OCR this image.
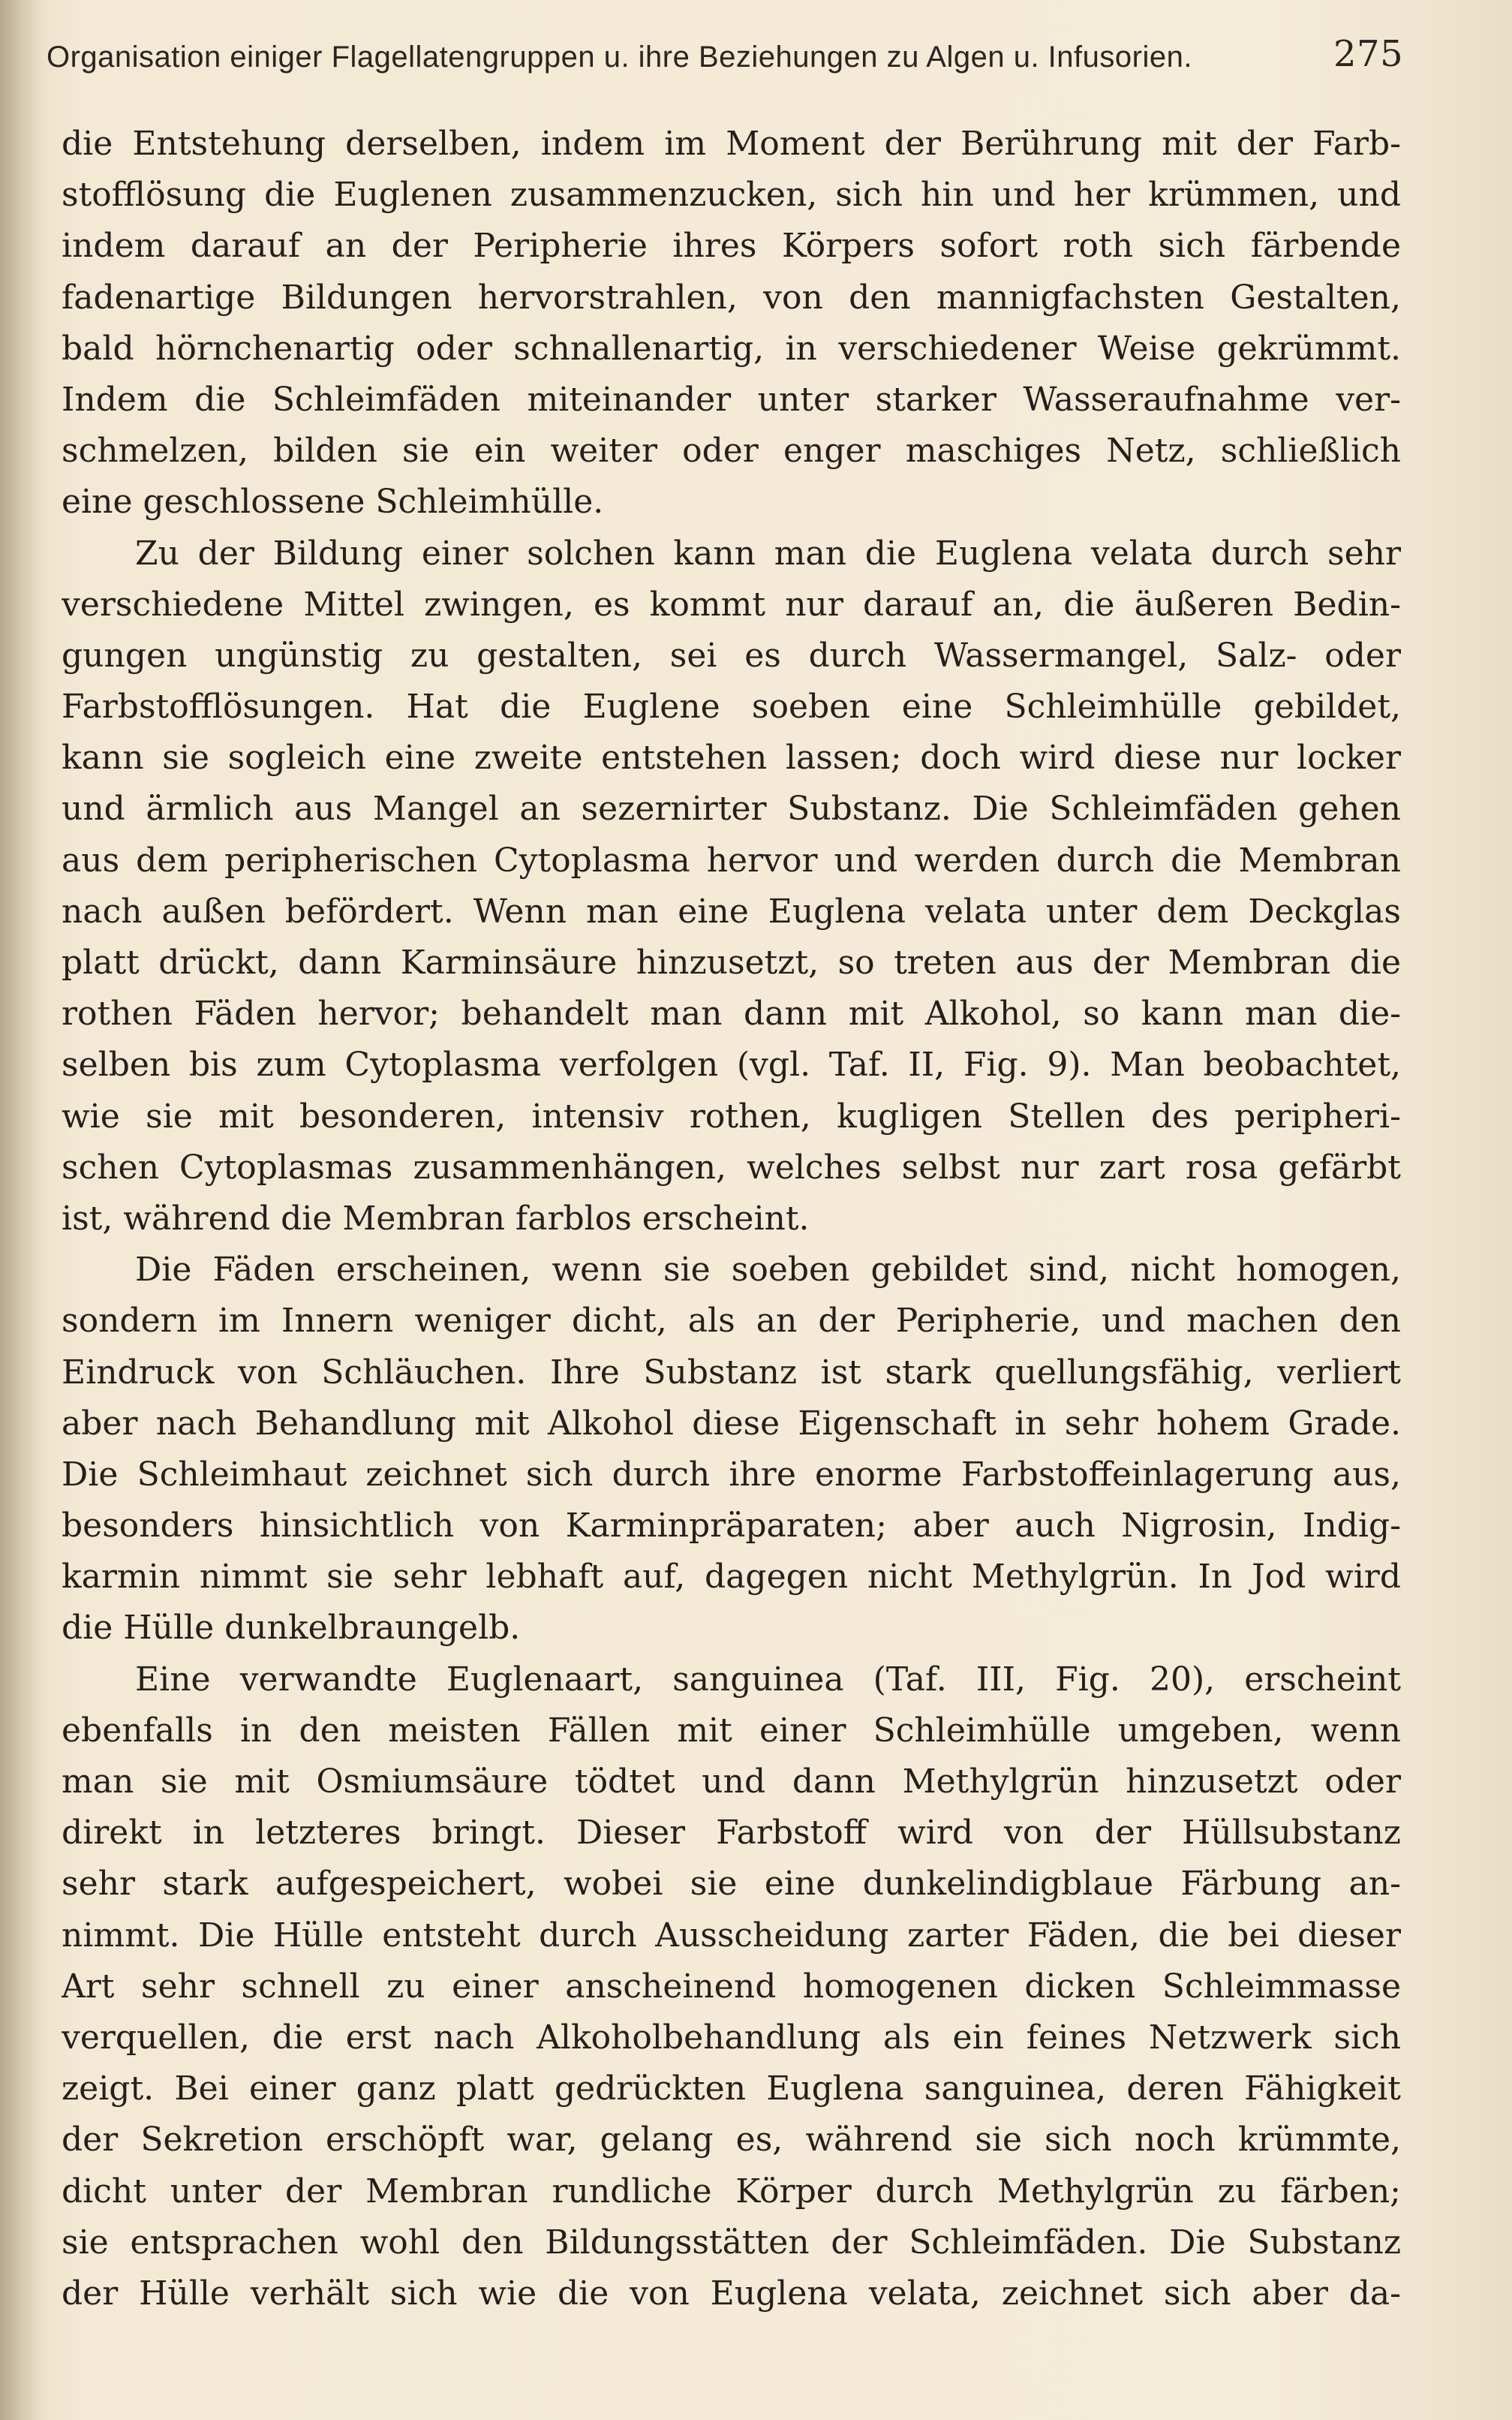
Organisation einiger Flagellatengruppen u. ihre Beziehungen zu Algen u. Infusorien.	275
die Entstehung derselben, indem im Moment der Berührung mit der Farb-
stofflösung die Euglenen zusammenzucken, sich hin und her krümmen, und
indem darauf an der Peripherie ihres Körpers sofort roth sich färbende
fadenartige Bildungen hervorstrahlen, von den mannigfachsten Gestalten,
bald hörnchenartig oder schnallenartig, in verschiedener Weise gekrümmt.
Indem die Schleimfäden miteinander unter starker Wasseraufnahme ver-
schmelzen, bilden sie ein weiter oder enger maschiges Netz, schließlich
eine geschlossene Schleimhülle.
Zu der Bildung einer solchen kann man die Euglena velata durch sehr
verschiedene Mittel zwingen, es kommt nur darauf an, die äußeren Bedin-
gungen ungünstig zu gestalten, sei es durch Wassermangel, Salz- oder
Farbstofflösungen. Hat die Euglene soeben eine Schleimhülle gebildet,
kann sie sogleich eine zweite entstehen lassen; doch wird diese nur locker
und ärmlich aus Mangel an sezernirter Substanz. Die Schleimfäden gehen
aus dem peripherischen Cytoplasma hervor und werden durch die Membran
nach außen befördert. Wenn man eine Euglena velata unter dem Deckglas
platt drückt, dann Karminsäure hinzusetzt, so treten aus der Membran die
rothen Fäden hervor; behandelt man dann mit Alkohol, so kann man die-
selben bis zum Cytoplasma verfolgen (vgl. Taf. II, Fig. 9). Man beobachtet,
wie sie mit besonderen, intensiv rothen, kugligen Stellen des peripheri-
schen Cytoplasmas zusammenhängen, welches selbst nur zart rosa gefärbt
ist, während die Membran farblos erscheint.
Die Fäden erscheinen, wenn sie soeben gebildet sind, nicht homogen,
sondern im Innern weniger dicht, als an der Peripherie, und machen den
Eindruck von Schläuchen. Ihre Substanz ist stark quellungsfähig, verliert
aber nach Behandlung mit Alkohol diese Eigenschaft in sehr hohem Grade.
Die Schleimhaut zeichnet sich durch ihre enorme Farbstoffeinlagerung aus,
besonders hinsichtlich von Karminpräparaten; aber auch Nigrosin, Indig-
karmin nimmt sie sehr lebhaft auf, dagegen nicht Methylgrün. In Jod wird
die Hülle dunkelbraungelb.
Eine verwandte Euglenaart, sanguinea (Taf. III, Fig. 20), erscheint
ebenfalls in den meisten Fällen mit einer Schleimhülle umgeben, wenn
man sie mit Osmiumsäure tödtet und dann Methylgrün hinzusetzt oder
direkt in letzteres bringt. Dieser Farbstoff wird von der Hüllsubstanz
sehr stark aufgespeichert, wobei sie eine dunkelindigblaue Färbung an-
nimmt. Die Hülle entsteht durch Ausscheidung zarter Fäden, die bei dieser
Art sehr schnell zu einer anscheinend homogenen dicken Schleimmasse
verquellen, die erst nach Alkoholbehandlung als ein feines Netzwerk sich
zeigt. Bei einer ganz platt gedrückten Euglena sanguinea, deren Fähigkeit
der Sekretion erschöpft war, gelang es, während sie sich noch krümmte,
dicht unter der Membran rundliche Körper durch Methylgrün zu färben;
sie entsprachen wohl den Bildungsstätten der Schleimfäden. Die Substanz
der Hülle verhält sich wie die von Euglena velata, zeichnet sich aber da-
